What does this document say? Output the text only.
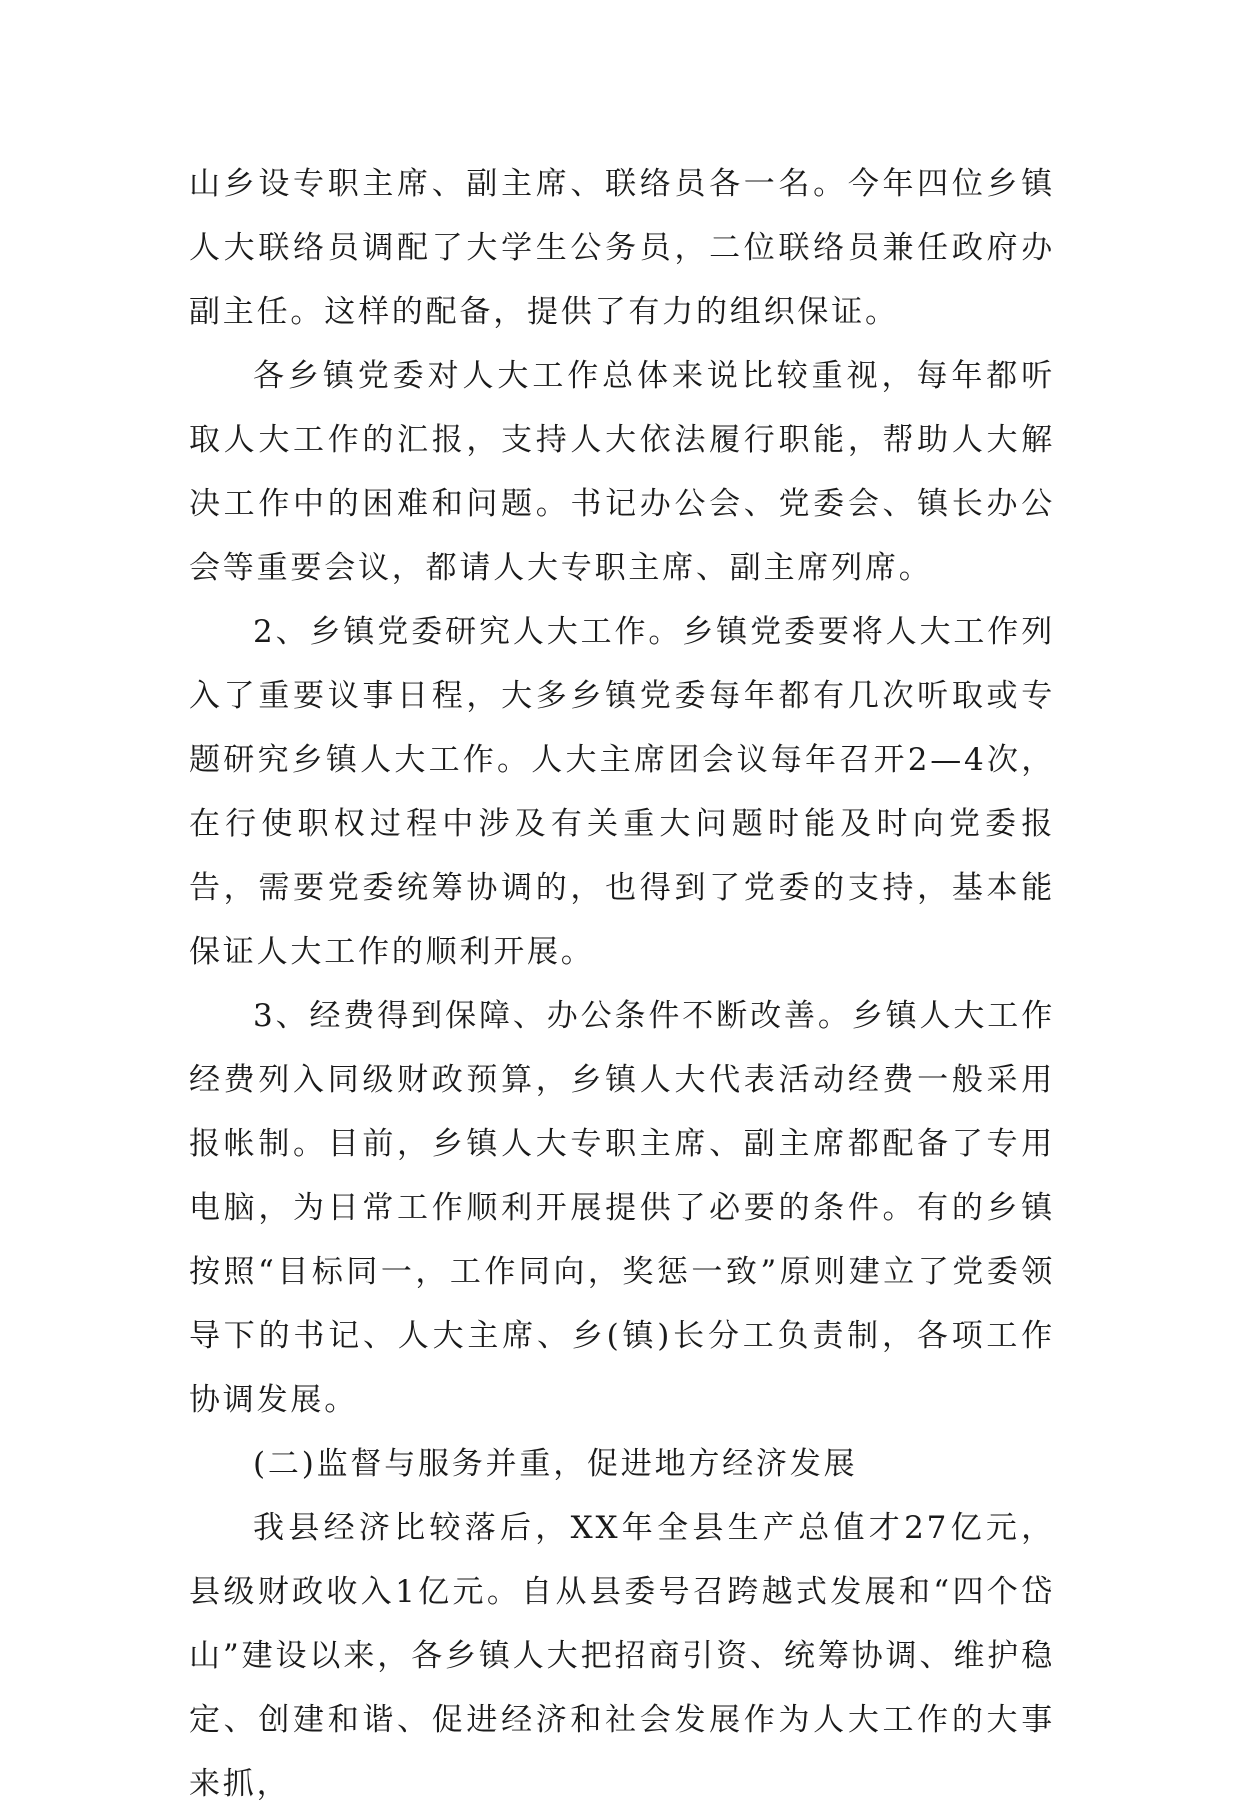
山乡设专职主席、副主席、联络员各一名。今年四位乡镇人大联络员调配了大学生公务员，二位联络员兼任政府办副主任。这样的配备，提供了有力的组织保证。

各乡镇党委对人大工作总体来说比较重视，每年都听取人大工作的汇报，支持人大依法履行职能，帮助人大解决工作中的困难和问题。书记办公会、党委会、镇长办公会等重要会议，都请人大专职主席、副主席列席。

2、乡镇党委研究人大工作。乡镇党委要将人大工作列入了重要议事日程，大多乡镇党委每年都有几次听取或专题研究乡镇人大工作。人大主席团会议每年召开2—4次，在行使职权过程中涉及有关重大问题时能及时向党委报告，需要党委统筹协调的，也得到了党委的支持，基本能保证人大工作的顺利开展。

3、经费得到保障、办公条件不断改善。乡镇人大工作经费列入同级财政预算，乡镇人大代表活动经费一般采用报帐制。目前，乡镇人大专职主席、副主席都配备了专用电脑，为日常工作顺利开展提供了必要的条件。有的乡镇按照“目标同一，工作同向，奖惩一致”原则建立了党委领导下的书记、人大主席、乡(镇)长分工负责制，各项工作协调发展。

(二)监督与服务并重，促进地方经济发展

我县经济比较落后，XX年全县生产总值才27亿元，县级财政收入1亿元。自从县委号召跨越式发展和“四个岱山”建设以来，各乡镇人大把招商引资、统筹协调、维护稳定、创建和谐、促进经济和社会发展作为人大工作的大事来抓，
